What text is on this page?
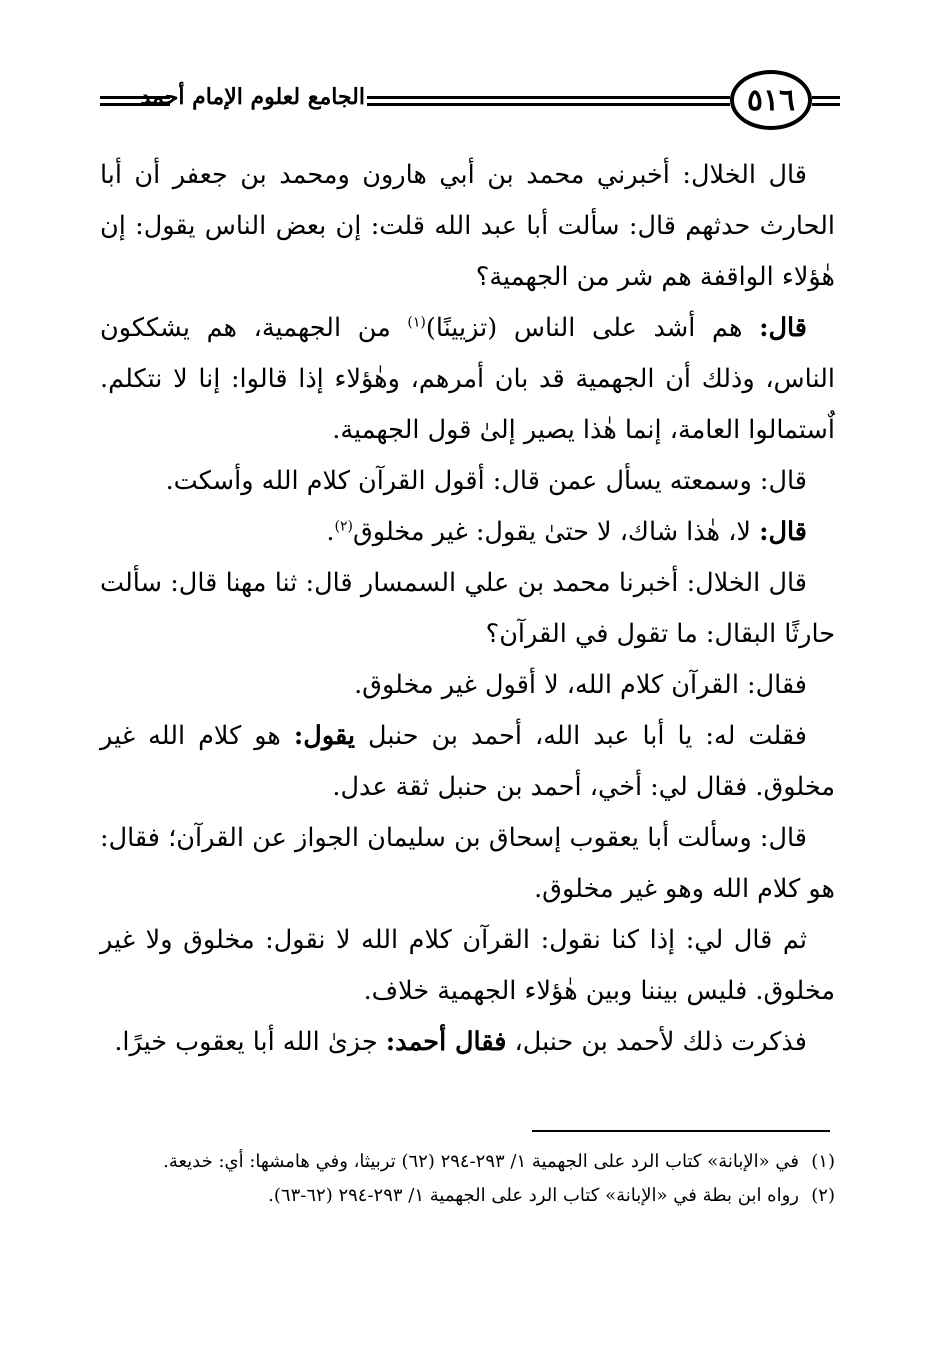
الجامع لعلوم الإمام أحمد	٥١٦

قال الخلال: أخبرني محمد بن أبي هارون ومحمد بن جعفر أن أبا الحارث حدثهم قال: سألت أبا عبد الله قلت: إن بعض الناس يقول: إن هٰؤلاء الواقفة هم شر من الجهمية؟

قال: هم أشد على الناس (تزيينًا)$^{(١)}$ من الجهمية، هم يشككون الناس، وذلك أن الجهمية قد بان أمرهم، وهٰؤلاء إذا قالوا: إنا لا نتكلم. اٌستمالوا العامة، إنما هٰذا يصير إلىٰ قول الجهمية.

قال: وسمعته يسأل عمن قال: أقول القرآن كلام الله وأسكت.

قال: لا، هٰذا شاك، لا حتىٰ يقول: غير مخلوق$^{(٢)}$.

قال الخلال: أخبرنا محمد بن علي السمسار قال: ثنا مهنا قال: سألت حارثًا البقال: ما تقول في القرآن؟

فقال: القرآن كلام الله، لا أقول غير مخلوق.

فقلت له: يا أبا عبد الله، أحمد بن حنبل يقول: هو كلام الله غير مخلوق. فقال لي: أخي، أحمد بن حنبل ثقة عدل.

قال: وسألت أبا يعقوب إسحاق بن سليمان الجواز عن القرآن؛ فقال: هو كلام الله وهو غير مخلوق.

ثم قال لي: إذا كنا نقول: القرآن كلام الله لا نقول: مخلوق ولا غير مخلوق. فليس بيننا وبين هٰؤلاء الجهمية خلاف.

فذكرت ذلك لأحمد بن حنبل، فقال أحمد: جزىٰ الله أبا يعقوب خيرًا.

(١)
في «الإبانة» كتاب الرد على الجهمية ١/ ٢٩٣-٢٩٤ (٦٢) تربيثا، وفي هامشها: أي: خديعة.

(٢)
رواه ابن بطة في «الإبانة» كتاب الرد على الجهمية ١/ ٢٩٣-٢٩٤ (٦٢-٦٣).
